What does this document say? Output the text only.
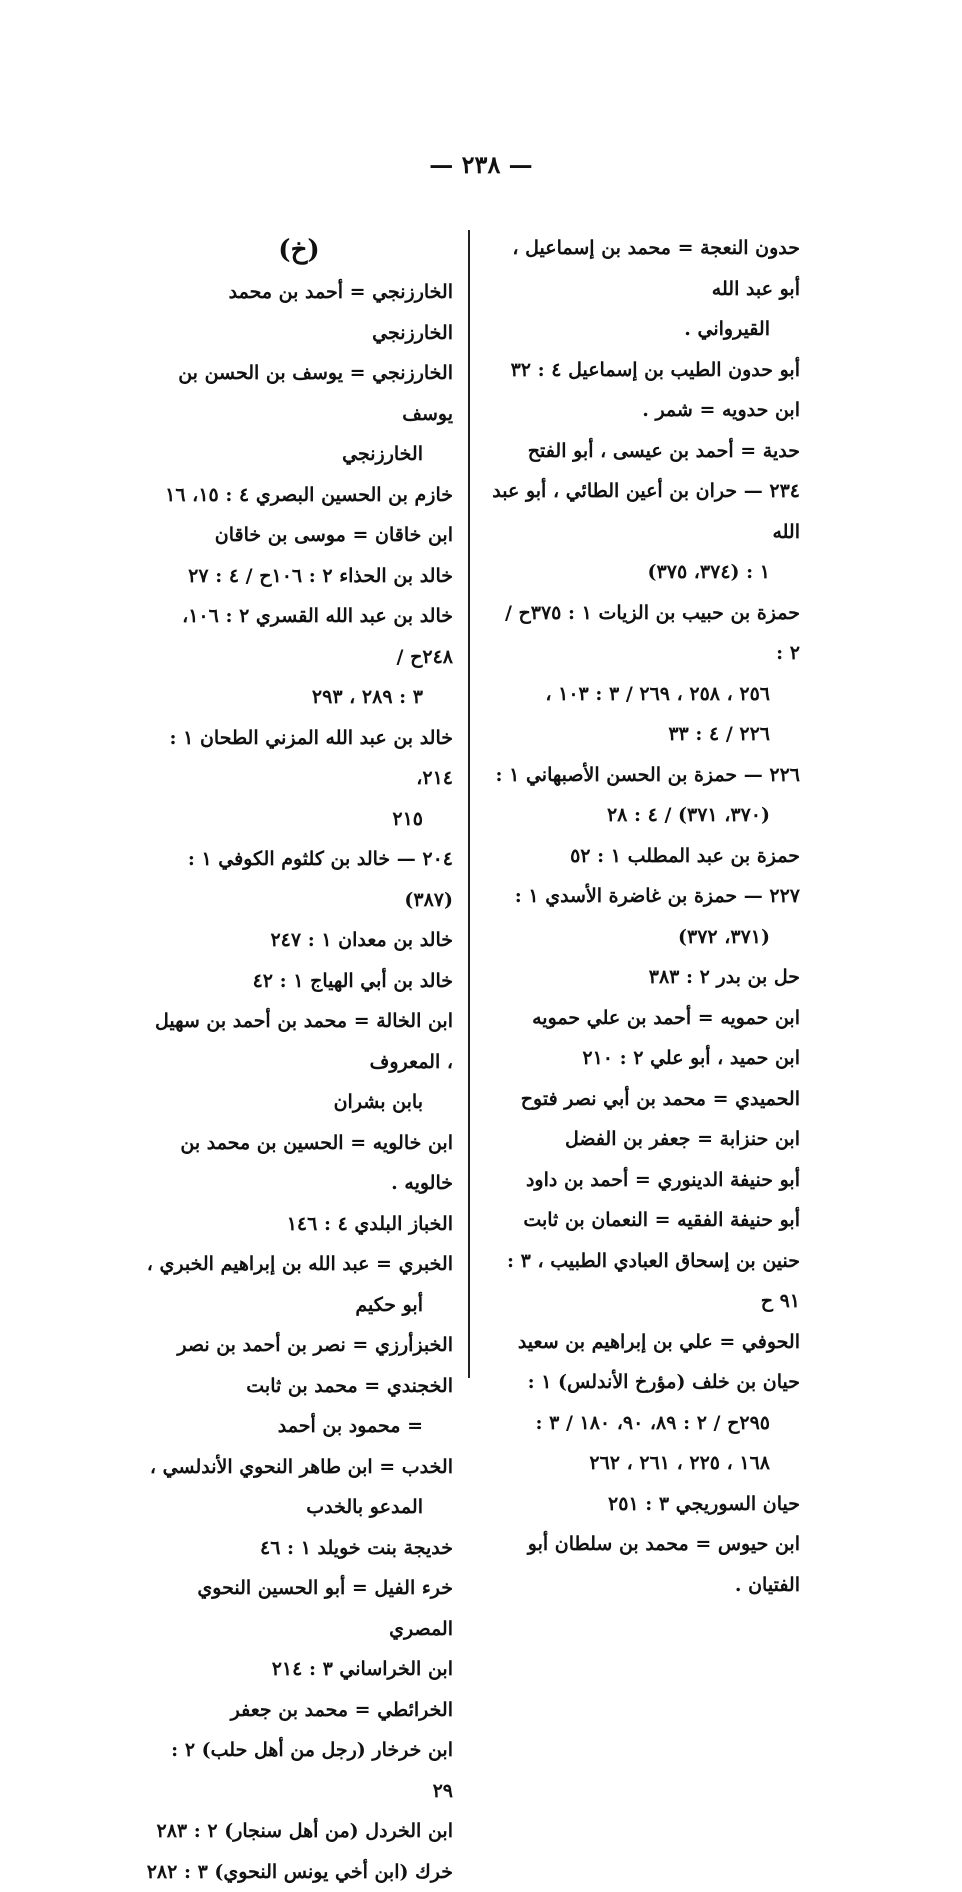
— ٢٣٨ —
حدون النعجة = محمد بن إسماعيل ، أبو عبد الله
القيرواني .
أبو حدون الطيب بن إسماعيل ٤ : ٣٢
ابن حدويه = شمر .
حدية = أحمد بن عيسى ، أبو الفتح
٢٣٤ — حران بن أعين الطائي ، أبو عبد الله
١ : (٣٧٤، ٣٧٥)
حمزة بن حبيب بن الزيات ١ : ٣٧٥ح / ٢ :
٢٥٦ ، ٢٥٨ ، ٢٦٩ / ٣ : ١٠٣ ،
٢٢٦ / ٤ : ٣٣
٢٢٦ — حمزة بن الحسن الأصبهاني ١ :
(٣٧٠، ٣٧١) / ٤ : ٢٨
حمزة بن عبد المطلب ١ : ٥٢
٢٢٧ — حمزة بن غاضرة الأسدي ١ :
(٣٧١، ٣٧٢)
حل بن بدر ٢ : ٣٨٣
ابن حمويه = أحمد بن علي حمويه
ابن حميد ، أبو علي ٢ : ٢١٠
الحميدي = محمد بن أبي نصر فتوح
ابن حنزابة = جعفر بن الفضل
أبو حنيفة الدينوري = أحمد بن داود
أبو حنيفة الفقيه = النعمان بن ثابت
حنين بن إسحاق العبادي الطبيب ، ٣ : ٩١ ح
الحوفي = علي بن إبراهيم بن سعيد
حيان بن خلف (مؤرخ الأندلس) ١ :
٢٩٥ح / ٢ : ٨٩، ٩٠، ١٨٠ / ٣ :
١٦٨ ، ٢٢٥ ، ٢٦١ ، ٢٦٢
حيان السوريجي ٣ : ٢٥١
ابن حيوس = محمد بن سلطان أبو الفتيان .
(خ)
الخارزنجي = أحمد بن محمد الخارزنجي
الخارزنجي = يوسف بن الحسن بن يوسف
الخارزنجي
خازم بن الحسين البصري ٤ : ١٥، ١٦
ابن خاقان = موسى بن خاقان
خالد بن الحذاء ٢ : ١٠٦ح / ٤ : ٢٧
خالد بن عبد الله القسري ٢ : ١٠٦، ٢٤٨ح /
٣ : ٢٨٩ ، ٢٩٣
خالد بن عبد الله المزني الطحان ١ : ٢١٤،
٢١٥
٢٠٤ — خالد بن كلثوم الكوفي ١ : (٣٨٧)
خالد بن معدان ١ : ٢٤٧
خالد بن أبي الهياج ١ : ٤٢
ابن الخالة = محمد بن أحمد بن سهيل ، المعروف
بابن بشران
ابن خالويه = الحسين بن محمد بن خالويه .
الخباز البلدي ٤ : ١٤٦
الخبري = عبد الله بن إبراهيم الخبري ،
أبو حكيم
الخبزأرزي = نصر بن أحمد بن نصر
الخجندي = محمد بن ثابت
= محمود بن أحمد
الخدب = ابن طاهر النحوي الأندلسي ،
المدعو بالخدب
خديجة بنت خويلد ١ : ٤٦
خرء الفيل = أبو الحسين النحوي المصري
ابن الخراساني ٣ : ٢١٤
الخرائطي = محمد بن جعفر
ابن خرخار (رجل من أهل حلب) ٢ : ٢٩
ابن الخردل (من أهل سنجار) ٢ : ٢٨٣
خرك (ابن أخي يونس النحوي) ٣ : ٢٨٢
